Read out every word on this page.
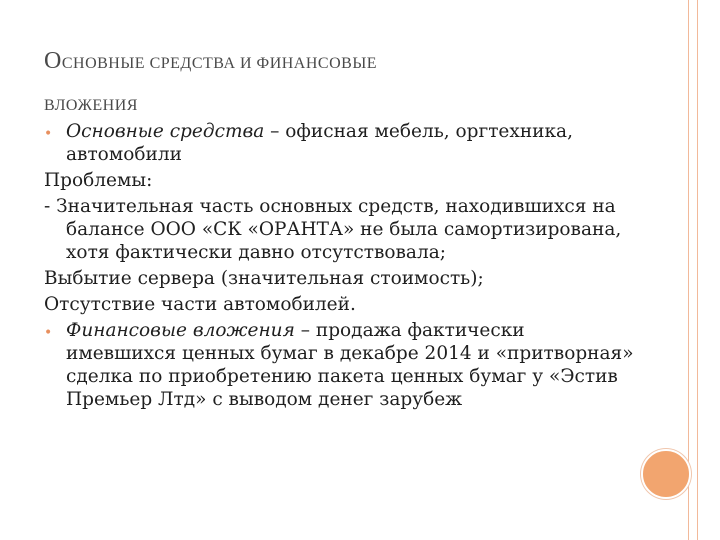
ОСНОВНЫЕ СРЕДСТВА И ФИНАНСОВЫЕ
ВЛОЖЕНИЯ
• Основные средства – офисная мебель, оргтехника, автомобили
Проблемы:
- Значительная часть основных средств, находившихся на балансе ООО «СК «ОРАНТА» не была самортизирована, хотя фактически давно отсутствовала;
Выбытие сервера (значительная стоимость);
Отсутствие части автомобилей.
• Финансовые вложения – продажа фактически имевшихся ценных бумаг в декабре 2014 и «притворная» сделка по приобретению пакета ценных бумаг у «Эстив Премьер Лтд» с выводом денег зарубеж
